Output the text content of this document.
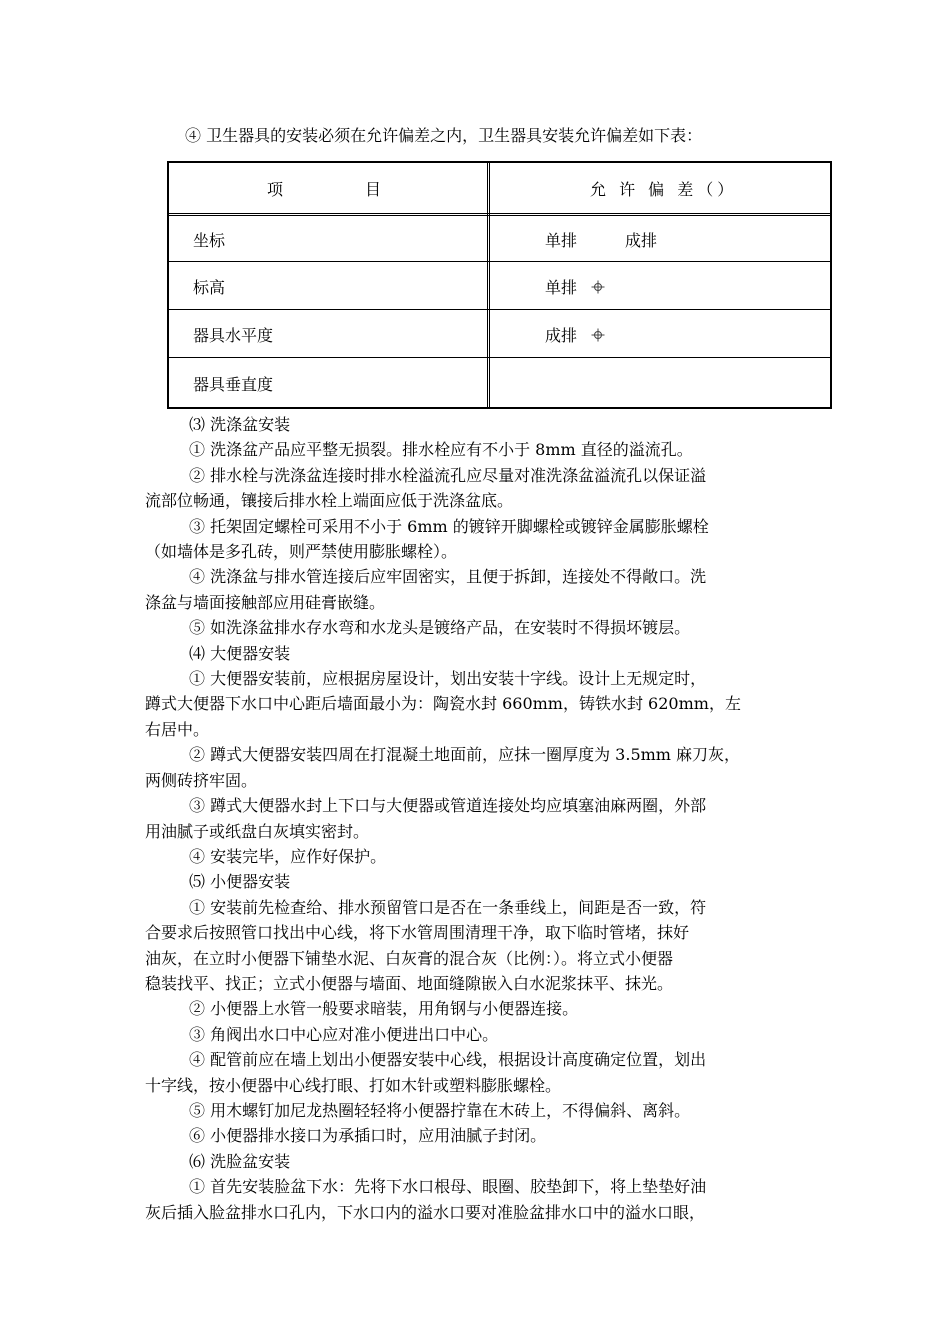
④ 卫生器具的安装必须在允许偏差之内，卫生器具安装允许偏差如下表：
项	目	允 许 偏 差（）
坐标	单排	成排
标高	单排
器具水平度	成排
器具垂直度

⑶ 洗涤盆安装

① 洗涤盆产品应平整无损裂。排水栓应有不小于 8mm 直径的溢流孔。

② 排水栓与洗涤盆连接时排水栓溢流孔应尽量对准洗涤盆溢流孔以保证溢

流部位畅通，镶接后排水栓上端面应低于洗涤盆底。

③ 托架固定螺栓可采用不小于 6mm 的镀锌开脚螺栓或镀锌金属膨胀螺栓

（如墙体是多孔砖，则严禁使用膨胀螺栓）。

④ 洗涤盆与排水管连接后应牢固密实，且便于拆卸，连接处不得敞口。洗

涤盆与墙面接触部应用硅膏嵌缝。

⑤ 如洗涤盆排水存水弯和水龙头是镀络产品，在安装时不得损坏镀层。

⑷ 大便器安装

① 大便器安装前，应根据房屋设计，划出安装十字线。设计上无规定时，

蹲式大便器下水口中心距后墙面最小为：陶瓷水封 660mm，铸铁水封 620mm，左

右居中。

② 蹲式大便器安装四周在打混凝土地面前，应抹一圈厚度为 3.5mm 麻刀灰，

两侧砖挤牢固。

③ 蹲式大便器水封上下口与大便器或管道连接处均应填塞油麻两圈，外部

用油腻子或纸盘白灰填实密封。

④ 安装完毕，应作好保护。

⑸ 小便器安装

① 安装前先检查给、排水预留管口是否在一条垂线上，间距是否一致，符

合要求后按照管口找出中心线，将下水管周围清理干净，取下临时管堵，抹好

油灰，在立时小便器下铺垫水泥、白灰膏的混合灰（比例：）。将立式小便器

稳装找平、找正；立式小便器与墙面、地面缝隙嵌入白水泥浆抹平、抹光。

② 小便器上水管一般要求暗装，用角钢与小便器连接。

③ 角阀出水口中心应对准小便进出口中心。

④ 配管前应在墙上划出小便器安装中心线，根据设计高度确定位置，划出

十字线，按小便器中心线打眼、打如木针或塑料膨胀螺栓。

⑤ 用木螺钉加尼龙热圈轻轻将小便器拧靠在木砖上，不得偏斜、离斜。

⑥ 小便器排水接口为承插口时，应用油腻子封闭。

⑹ 洗脸盆安装

① 首先安装脸盆下水：先将下水口根母、眼圈、胶垫卸下，将上垫垫好油

灰后插入脸盆排水口孔内，下水口内的溢水口要对准脸盆排水口中的溢水口眼，
